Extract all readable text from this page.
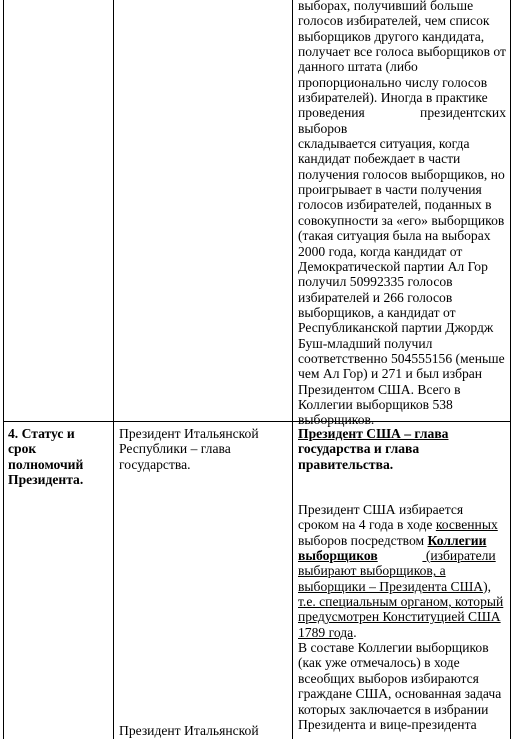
выборах, получивший больше

голосов избирателей, чем список

выборщиков другого кандидата,

получает все голоса выборщиков от

данного штата (либо

пропорционально числу голосов

избирателей). Иногда в практике

проведения президентских выборов

складывается ситуация, когда

кандидат побеждает в части

получения голосов выборщиков, но

проигрывает в части получения

голосов избирателей, поданных в

совокупности за «его» выборщиков

(такая ситуация была на выборах

2000 года, когда кандидат от

Демократической партии Ал Гор

получил 50992335 голосов

избирателей и 266 голосов

выборщиков, а кандидат от

Республиканской партии Джордж

Буш-младший получил

соответственно 504555156 (меньше

чем Ал Гор) и 271 и был избран

Президентом США. Всего в

Коллегии выборщиков 538

выборщиков.

4. Статус и

срок

полномочий

Президента.

Президент Итальянской

Республики – глава

государства.

Президент Итальянской

Президент США – глава

государства и глава

правительства.

Президент США избирается

сроком на 4 года в ходе косвенных

выборов посредством Коллегии

выборщиков	(избиратели

выбирают выборщиков, а

выборщики – Президента США),

т.е. специальным органом, который

предусмотрен Конституцией США

1789 года.

В составе Коллегии выборщиков

(как уже отмечалось) в ходе

всеобщих выборов избираются

граждане США, основанная задача

которых заключается в избрании

Президента и вице-президента
